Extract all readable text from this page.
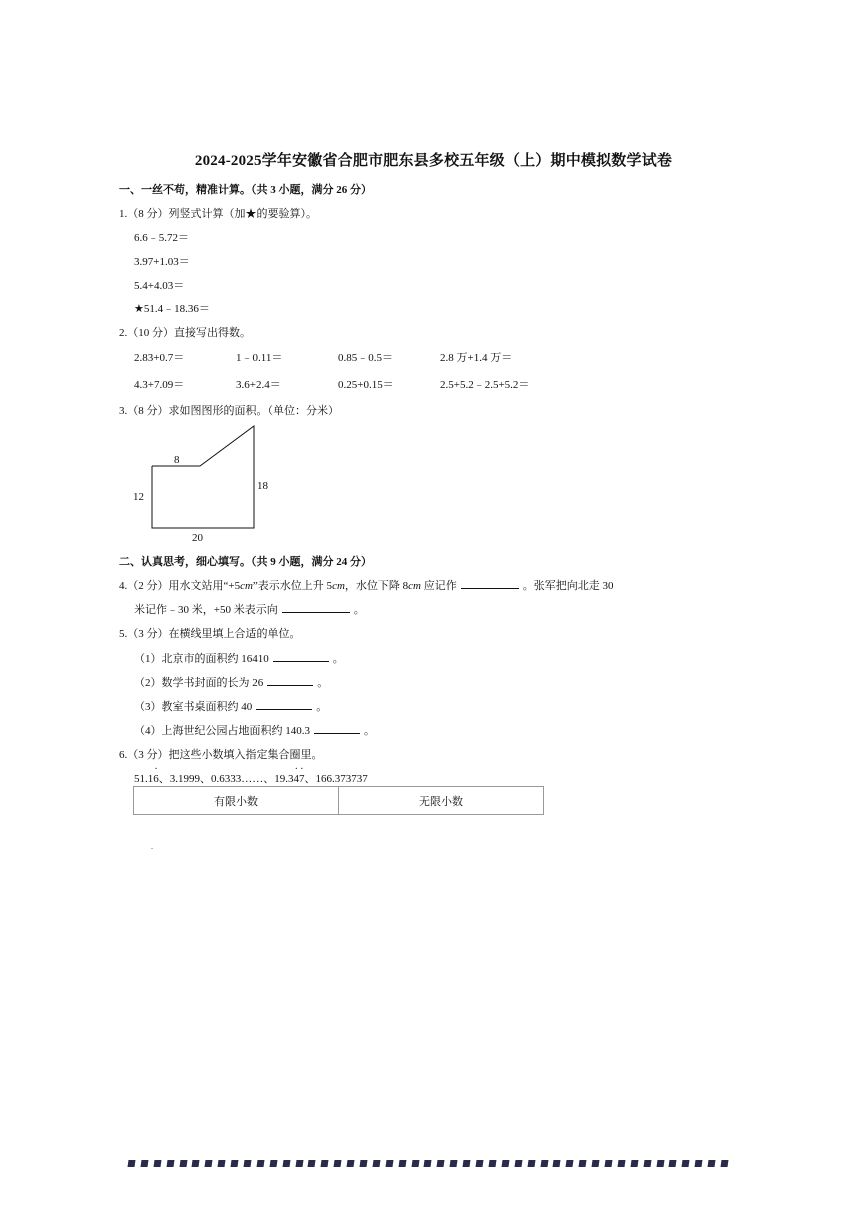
2024-2025学年安徽省合肥市肥东县多校五年级（上）期中模拟数学试卷
一、一丝不苟，精准计算。（共 3 小题，满分 26 分）
1.（8 分）列竖式计算（加★的要验算）。
6.6﹣5.72＝
3.97+1.03＝
5.4+4.03＝
★51.4﹣18.36＝
2.（10 分）直接写出得数。
2.83+0.7＝	1﹣0.11＝	0.85﹣0.5＝	2.8 万+1.4 万＝
4.3+7.09＝	3.6+2.4＝	0.25+0.15＝	2.5+5.2﹣2.5+5.2＝
3.（8 分）求如图图形的面积。（单位：分米）
8
12
18
20
二、认真思考，细心填写。（共 9 小题，满分 24 分）
4.（2 分）用水文站用“+5cm”表示水位上升 5cm，水位下降 8cm 应记作	。张军把向北走 30
米记作﹣30 米，+50 米表示向	。
5.（3 分）在横线里填上合适的单位。
（1）北京市的面积约 16410	。
（2）数学书封面的长为 26	。
（3）教室书桌面积约 40	。
（4）上海世纪公园占地面积约 140.3	。
6.（3 分）把这些小数填入指定集合圈里。
51.16 ·、3.1999、0.6333……、19.34 ·7 ·、166.373737
有限小数	无限小数
.
